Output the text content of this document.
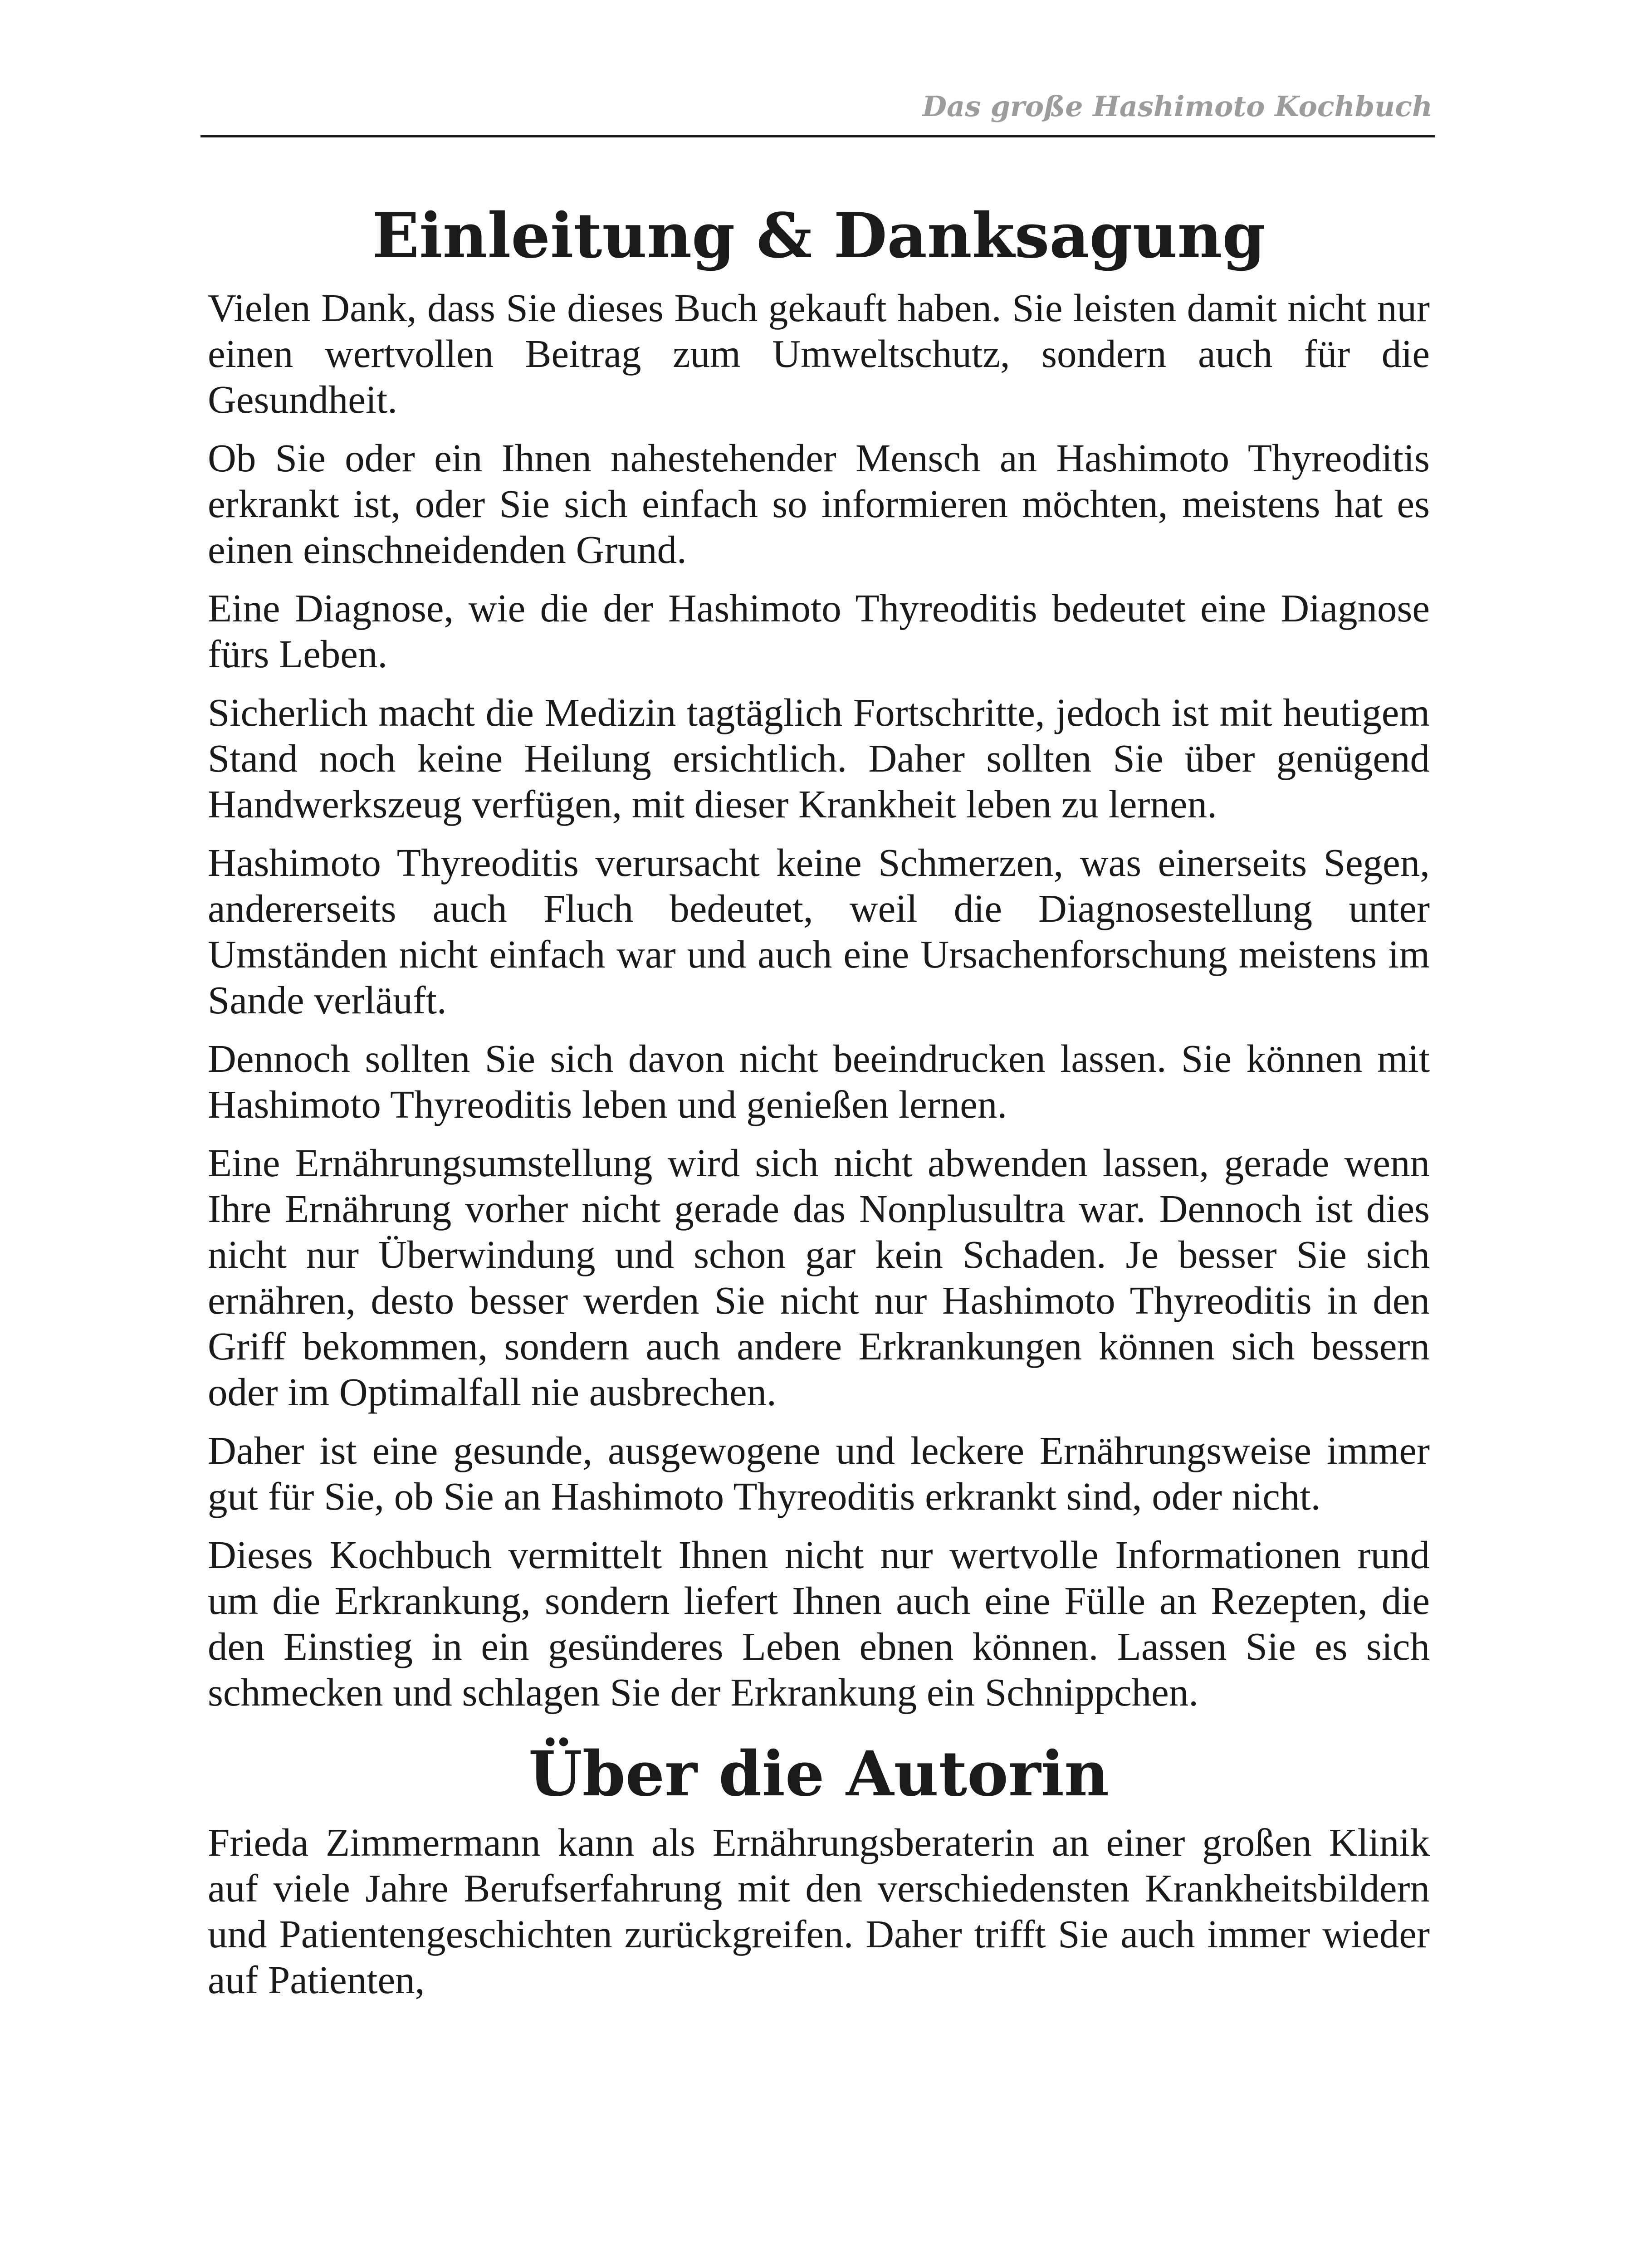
Das große Hashimoto Kochbuch
Einleitung & Danksagung

Vielen Dank, dass Sie dieses Buch gekauft haben. Sie leisten damit nicht nur einen wertvollen Beitrag zum Umweltschutz, sondern auch für die Gesundheit.

Ob Sie oder ein Ihnen nahestehender Mensch an Hashimoto Thyreoditis erkrankt ist, oder Sie sich einfach so informieren möchten, meistens hat es einen einschneidenden Grund.

Eine Diagnose, wie die der Hashimoto Thyreoditis bedeutet eine Diagnose fürs Leben.

Sicherlich macht die Medizin tagtäglich Fortschritte, jedoch ist mit heutigem Stand noch keine Heilung ersichtlich. Daher sollten Sie über genügend Handwerkszeug verfügen, mit dieser Krankheit leben zu lernen.

Hashimoto Thyreoditis verursacht keine Schmerzen, was einerseits Segen, andererseits auch Fluch bedeutet, weil die Diagnosestellung unter Umständen nicht einfach war und auch eine Ursachenforschung meistens im Sande verläuft.

Dennoch sollten Sie sich davon nicht beeindrucken lassen. Sie können mit Hashimoto Thyreoditis leben und genießen lernen.

Eine Ernährungsumstellung wird sich nicht abwenden lassen, gerade wenn Ihre Ernährung vorher nicht gerade das Nonplusultra war. Dennoch ist dies nicht nur Überwindung und schon gar kein Schaden. Je besser Sie sich ernähren, desto besser werden Sie nicht nur Hashimoto Thyreoditis in den Griff bekommen, sondern auch andere Erkrankungen können sich bessern oder im Optimalfall nie ausbrechen.

Daher ist eine gesunde, ausgewogene und leckere Ernährungsweise immer gut für Sie, ob Sie an Hashimoto Thyreoditis erkrankt sind, oder nicht.

Dieses Kochbuch vermittelt Ihnen nicht nur wertvolle Informationen rund um die Erkrankung, sondern liefert Ihnen auch eine Fülle an Rezepten, die den Einstieg in ein gesünderes Leben ebnen können. Lassen Sie es sich schmecken und schlagen Sie der Erkrankung ein Schnippchen.

Über die Autorin

Frieda Zimmermann kann als Ernährungsberaterin an einer großen Klinik auf viele Jahre Berufserfahrung mit den verschiedensten Krankheitsbildern und Patientengeschichten zurückgreifen. Daher trifft Sie auch immer wieder auf Patienten,
